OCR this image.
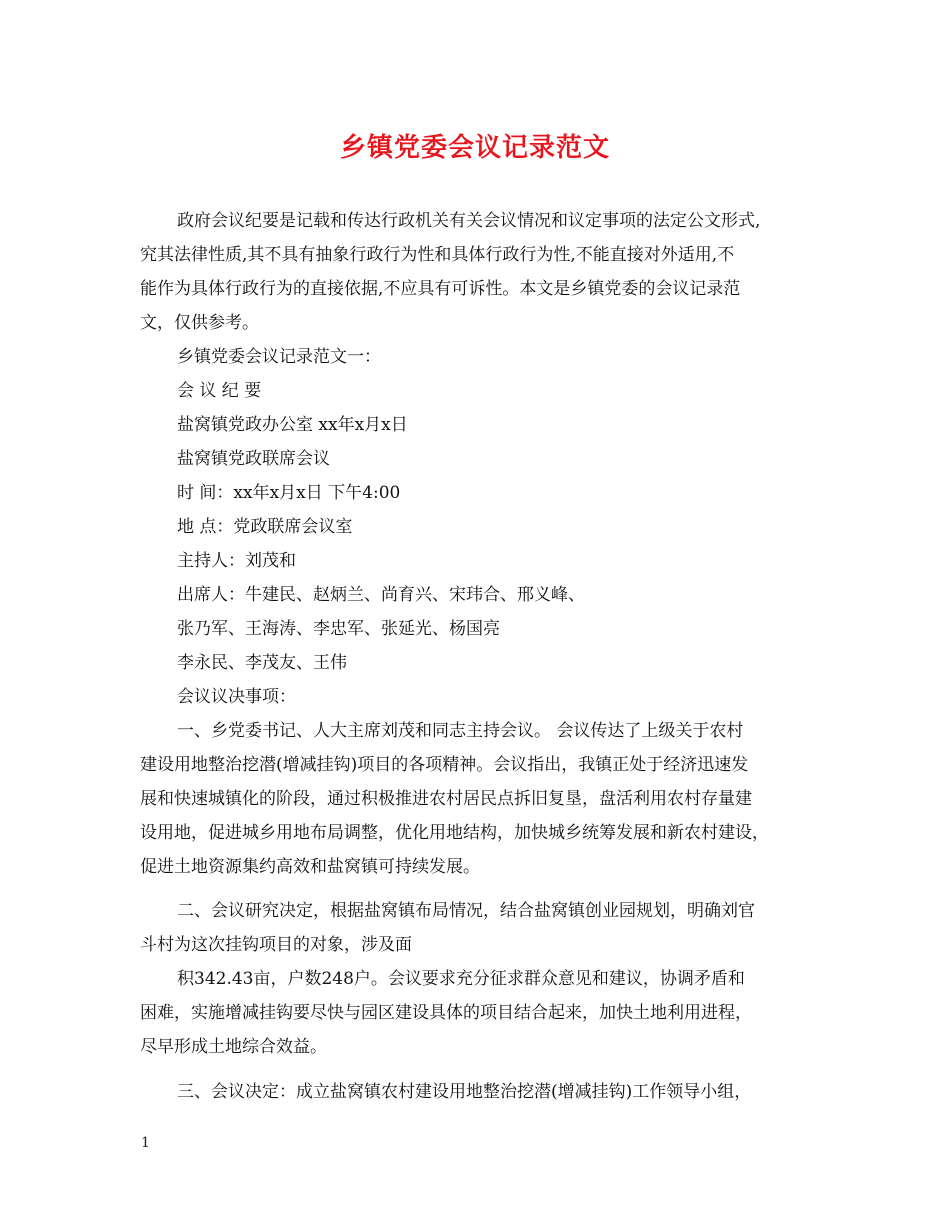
乡镇党委会议记录范文
政府会议纪要是记载和传达行政机关有关会议情况和议定事项的法定公文形式,
究其法律性质,其不具有抽象行政行为性和具体行政行为性,不能直接对外适用,不
能作为具体行政行为的直接依据,不应具有可诉性。本文是乡镇党委的会议记录范
文，仅供参考。
乡镇党委会议记录范文一：
会 议 纪 要
盐窝镇党政办公室 xx年x月x日
盐窝镇党政联席会议
时 间：xx年x月x日 下午4:00
地 点：党政联席会议室
主持人：刘茂和
出席人：牛建民、赵炳兰、尚育兴、宋玮合、邢义峰、
张乃军、王海涛、李忠军、张延光、杨国亮
李永民、李茂友、王伟
会议议决事项：
一、乡党委书记、人大主席刘茂和同志主持会议。 会议传达了上级关于农村
建设用地整治挖潜(增减挂钩)项目的各项精神。会议指出，我镇正处于经济迅速发
展和快速城镇化的阶段，通过积极推进农村居民点拆旧复垦，盘活利用农村存量建
设用地，促进城乡用地布局调整，优化用地结构，加快城乡统筹发展和新农村建设，
促进土地资源集约高效和盐窝镇可持续发展。
二、会议研究决定，根据盐窝镇布局情况，结合盐窝镇创业园规划，明确刘官
斗村为这次挂钩项目的对象，涉及面
积342.43亩，户数248户。会议要求充分征求群众意见和建议，协调矛盾和
困难，实施增减挂钩要尽快与园区建设具体的项目结合起来，加快土地利用进程，
尽早形成土地综合效益。
三、会议决定：成立盐窝镇农村建设用地整治挖潜(增减挂钩)工作领导小组，
1
